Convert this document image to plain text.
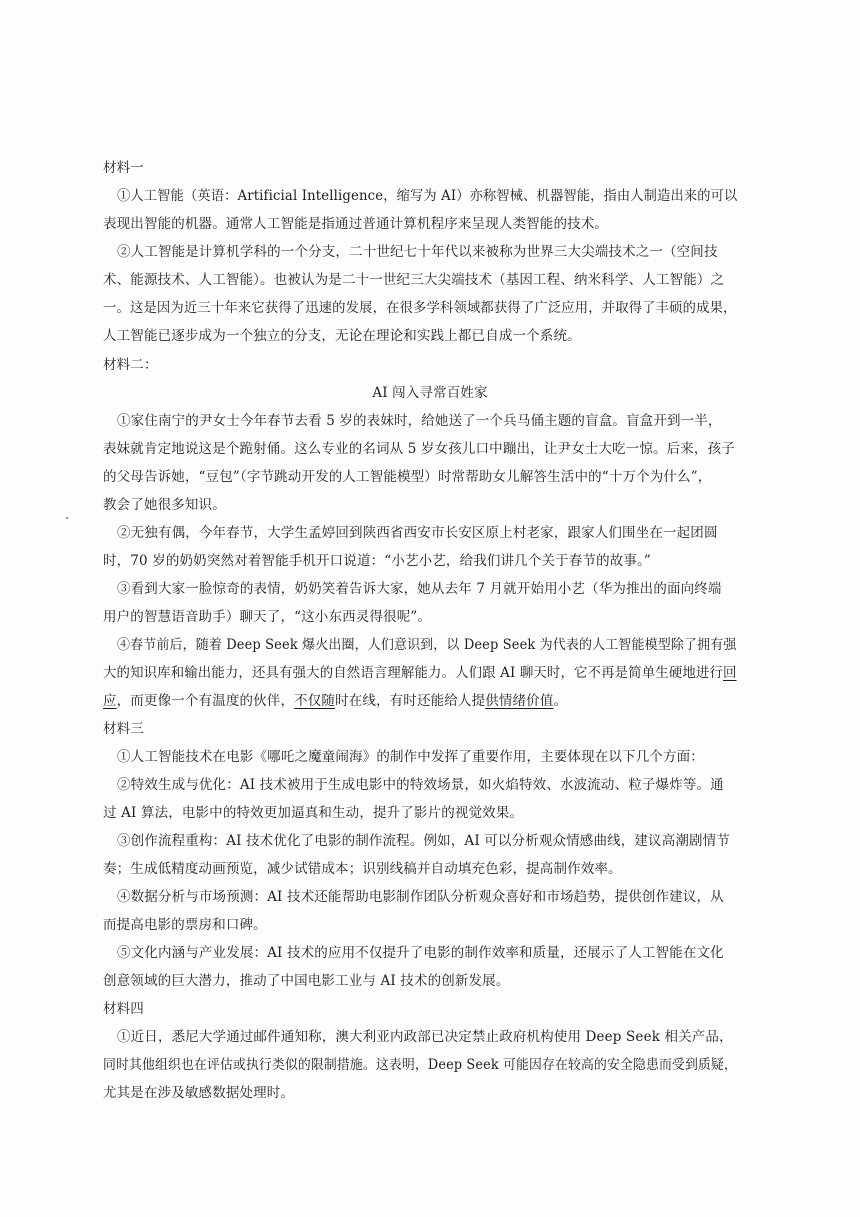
材料一
①人工智能（英语：Artificial Intelligence，缩写为 AI）亦称智械、机器智能，指由人制造出来的可以
表现出智能的机器。通常人工智能是指通过普通计算机程序来呈现人类智能的技术。
②人工智能是计算机学科的一个分支，二十世纪七十年代以来被称为世界三大尖端技术之一（空间技
术、能源技术、人工智能）。也被认为是二十一世纪三大尖端技术（基因工程、纳米科学、人工智能）之
一。这是因为近三十年来它获得了迅速的发展，在很多学科领域都获得了广泛应用，并取得了丰硕的成果，
人工智能已逐步成为一个独立的分支，无论在理论和实践上都已自成一个系统。
材料二：
AI 闯入寻常百姓家
①家住南宁的尹女士今年春节去看 5 岁的表妹时，给她送了一个兵马俑主题的盲盒。盲盒开到一半，
表妹就肯定地说这是个跪射俑。这么专业的名词从 5 岁女孩儿口中蹦出，让尹女士大吃一惊。后来，孩子
的父母告诉她，“豆包”（字节跳动开发的人工智能模型）时常帮助女儿解答生活中的“十万个为什么”，
教会了她很多知识。
②无独有偶，今年春节，大学生孟婷回到陕西省西安市长安区原上村老家，跟家人们围坐在一起团圆
时，70 岁的奶奶突然对着智能手机开口说道：“小艺小艺，给我们讲几个关于春节的故事。”
③看到大家一脸惊奇的表情，奶奶笑着告诉大家，她从去年 7 月就开始用小艺（华为推出的面向终端
用户的智慧语音助手）聊天了，“这小东西灵得很呢”。
④春节前后，随着 Deep Seek 爆火出圈，人们意识到，以 Deep Seek 为代表的人工智能模型除了拥有强
大的知识库和输出能力，还具有强大的自然语言理解能力。人们跟 AI 聊天时，它不再是简单生硬地进行回
应，而更像一个有温度的伙伴，不仅随时在线，有时还能给人提供情绪价值。
材料三
①人工智能技术在电影《哪吒之魔童闹海》的制作中发挥了重要作用，主要体现在以下几个方面：
②特效生成与优化：AI 技术被用于生成电影中的特效场景，如火焰特效、水波流动、粒子爆炸等。通
过 AI 算法，电影中的特效更加逼真和生动，提升了影片的视觉效果。
③创作流程重构：AI 技术优化了电影的制作流程。例如，AI 可以分析观众情感曲线，建议高潮剧情节
奏；生成低精度动画预览，减少试错成本；识别线稿并自动填充色彩，提高制作效率。
④数据分析与市场预测：AI 技术还能帮助电影制作团队分析观众喜好和市场趋势，提供创作建议，从
而提高电影的票房和口碑。
⑤文化内涵与产业发展：AI 技术的应用不仅提升了电影的制作效率和质量，还展示了人工智能在文化
创意领域的巨大潜力，推动了中国电影工业与 AI 技术的创新发展。
材料四
①近日，悉尼大学通过邮件通知称，澳大利亚内政部已决定禁止政府机构使用 Deep Seek 相关产品，
同时其他组织也在评估或执行类似的限制措施。这表明，Deep Seek 可能因存在较高的安全隐患而受到质疑，
尤其是在涉及敏感数据处理时。
